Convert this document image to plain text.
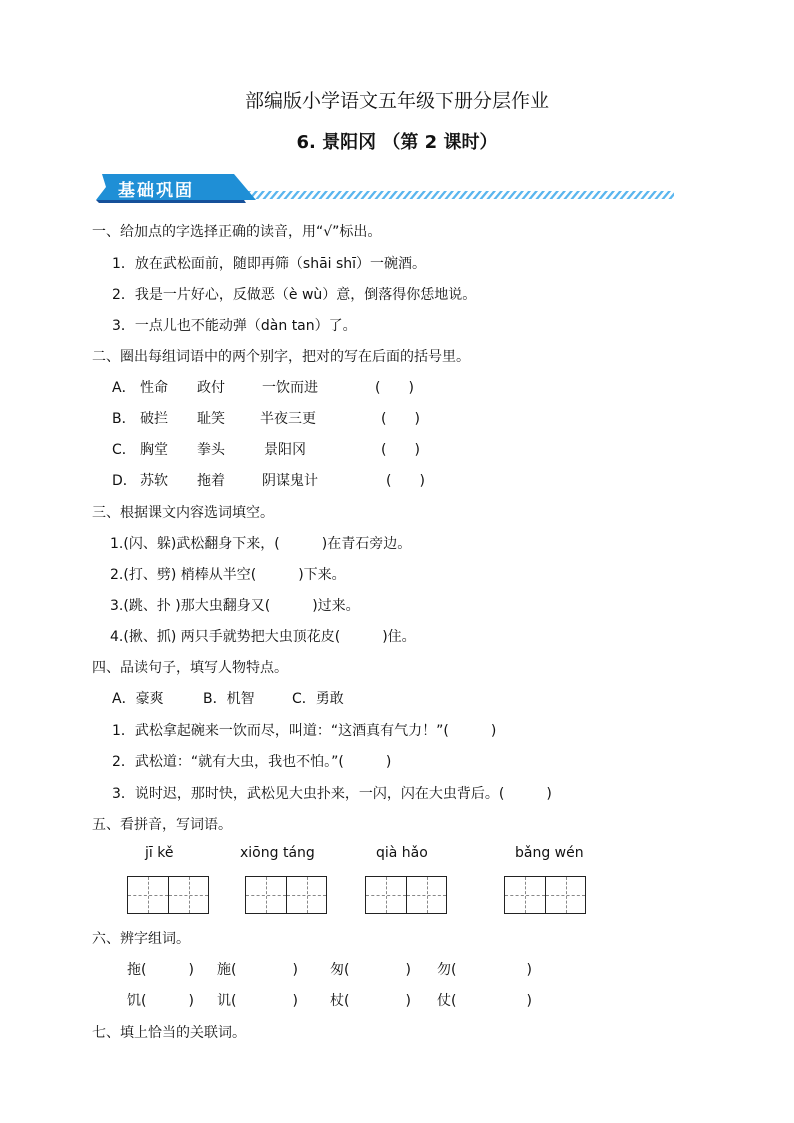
部编版小学语文五年级下册分层作业
6. 景阳冈 （第 2 课时）
基础巩固
一、给加点的字选择正确的读音，用“√”标出。
1．放在武松面前，随即再筛（shāi shī）一碗酒。
2．我是一片好心，反做恶（è wù）意，倒落得你恁地说。
3．一点儿也不能动弹（dàn tan）了。
二、圈出每组词语中的两个别字，把对的写在后面的括号里。
A． 性命 政付	一饮而进	(　　)
B． 破拦 耻笑	半夜三更	(　　)
C． 胸堂 拳头	景阳冈	(　　)
D． 苏软 拖着	阴谋鬼计	(　　)
三、根据课文内容选词填空。
1.(闪、躲)武松翻身下来，(　　　)在青石旁边。
2.(打、劈) 梢棒从半空(　　　)下来。
3.(跳、扑 )那大虫翻身又(　　　)过来。
4.(揪、抓) 两只手就势把大虫顶花皮(　　　)住。
四、品读句子，填写人物特点。
A．豪爽	B．机智	C．勇敢
1．武松拿起碗来一饮而尽，叫道：“这酒真有气力！”(　　　)
2．武松道：“就有大虫，我也不怕。”(　　　)
3．说时迟，那时快，武松见大虫扑来，一闪，闪在大虫背后。(　　　)
五、看拼音，写词语。
jī kě	xiōng táng	qià hǎo	bǎng wén
六、辨字组词。
拖(　　　) 施(　　　　) 匆(　　　　) 勿(　　　　　)
饥(　　　) 讥(　　　　) 杖(　　　　) 仗(　　　　　)
七、填上恰当的关联词。
